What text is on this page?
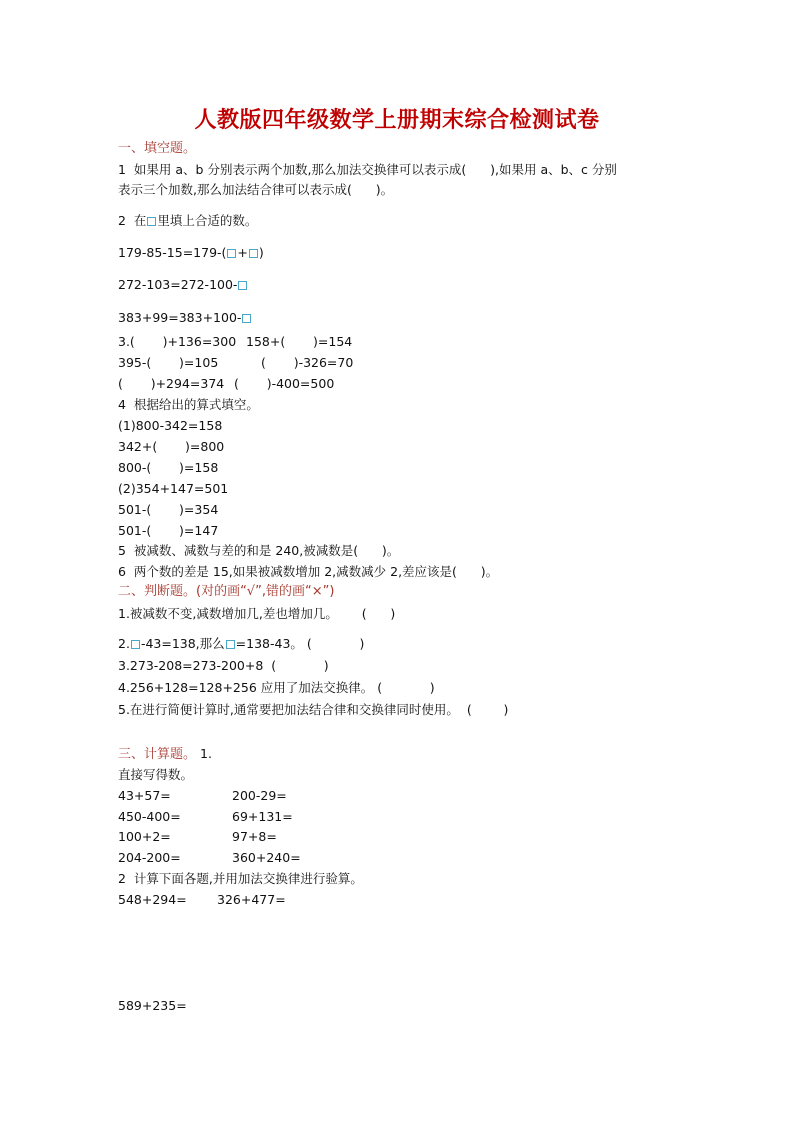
人教版四年级数学上册期末综合检测试卷
一、填空题。
1  如果用 a、b 分别表示两个加数,那么加法交换律可以表示成(      ),如果用 a、b、c 分别
表示三个加数,那么加法结合律可以表示成(      )。
2  在 里填上合适的数。
179-85-15=179-( + )
272-103=272-100-
383+99=383+100-
3.(       )+136=300 158+(       )=154
395-(       )=105	(       )-326=70
(       )+294=374 (       )-400=500
4  根据给出的算式填空。
(1)800-342=158
342+(       )=800
800-(       )=158
(2)354+147=501
501-(       )=354
501-(       )=147
5  被减数、减数与差的和是 240,被减数是(      )。
6  两个数的差是 15,如果被减数增加 2,减数减少 2,差应该是(      )。
二、判断题。(对的画“√”,错的画“×”)
1.被减数不变,减数增加几,差也增加几。      (      )
2. -43=138,那么 =138-43。 (            )
3.273-208=273-200+8  (            )
4.256+128=128+256 应用了加法交换律。 (            )
5.在进行简便计算时,通常要把加法结合律和交换律同时使用。  (        )
三、计算题。 1.
直接写得数。
43+57=	200-29=
450-400=	69+131=
100+2=	97+8=
204-200=	360+240=
2  计算下面各题,并用加法交换律进行验算。
548+294= 326+477=
589+235=
